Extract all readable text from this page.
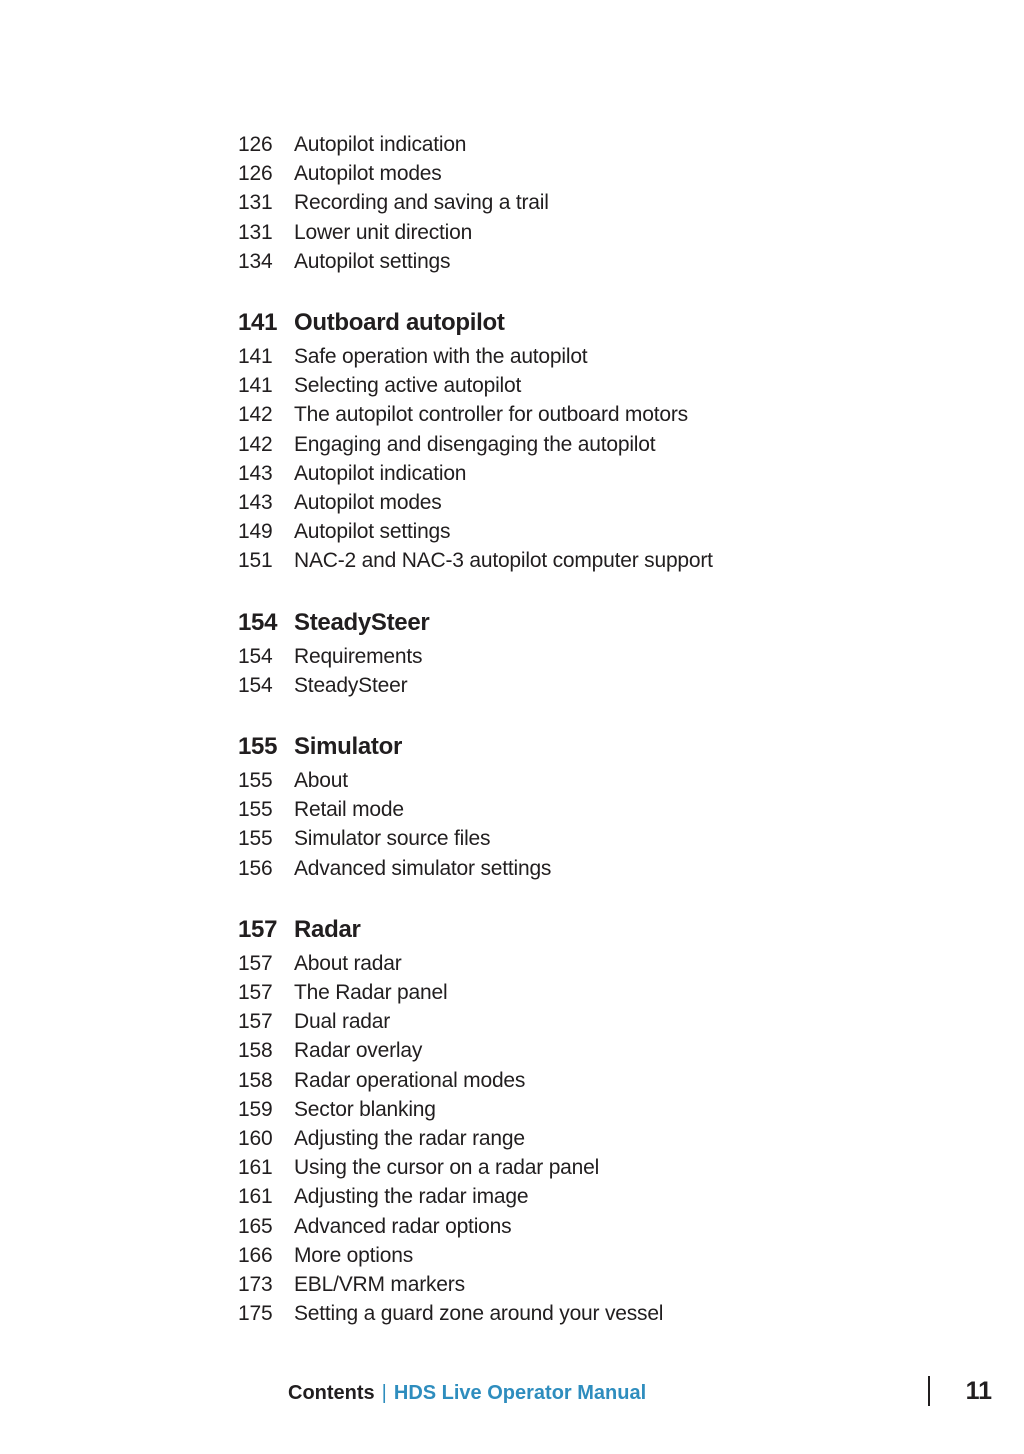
126 Autopilot indication
126 Autopilot modes
131 Recording and saving a trail
131 Lower unit direction
134 Autopilot settings
141 Outboard autopilot
141 Safe operation with the autopilot
141 Selecting active autopilot
142 The autopilot controller for outboard motors
142 Engaging and disengaging the autopilot
143 Autopilot indication
143 Autopilot modes
149 Autopilot settings
151 NAC-2 and NAC-3 autopilot computer support
154 SteadySteer
154 Requirements
154 SteadySteer
155 Simulator
155 About
155 Retail mode
155 Simulator source files
156 Advanced simulator settings
157 Radar
157 About radar
157 The Radar panel
157 Dual radar
158 Radar overlay
158 Radar operational modes
159 Sector blanking
160 Adjusting the radar range
161 Using the cursor on a radar panel
161 Adjusting the radar image
165 Advanced radar options
166 More options
173 EBL/VRM markers
175 Setting a guard zone around your vessel
Contents | HDS Live Operator Manual	11
